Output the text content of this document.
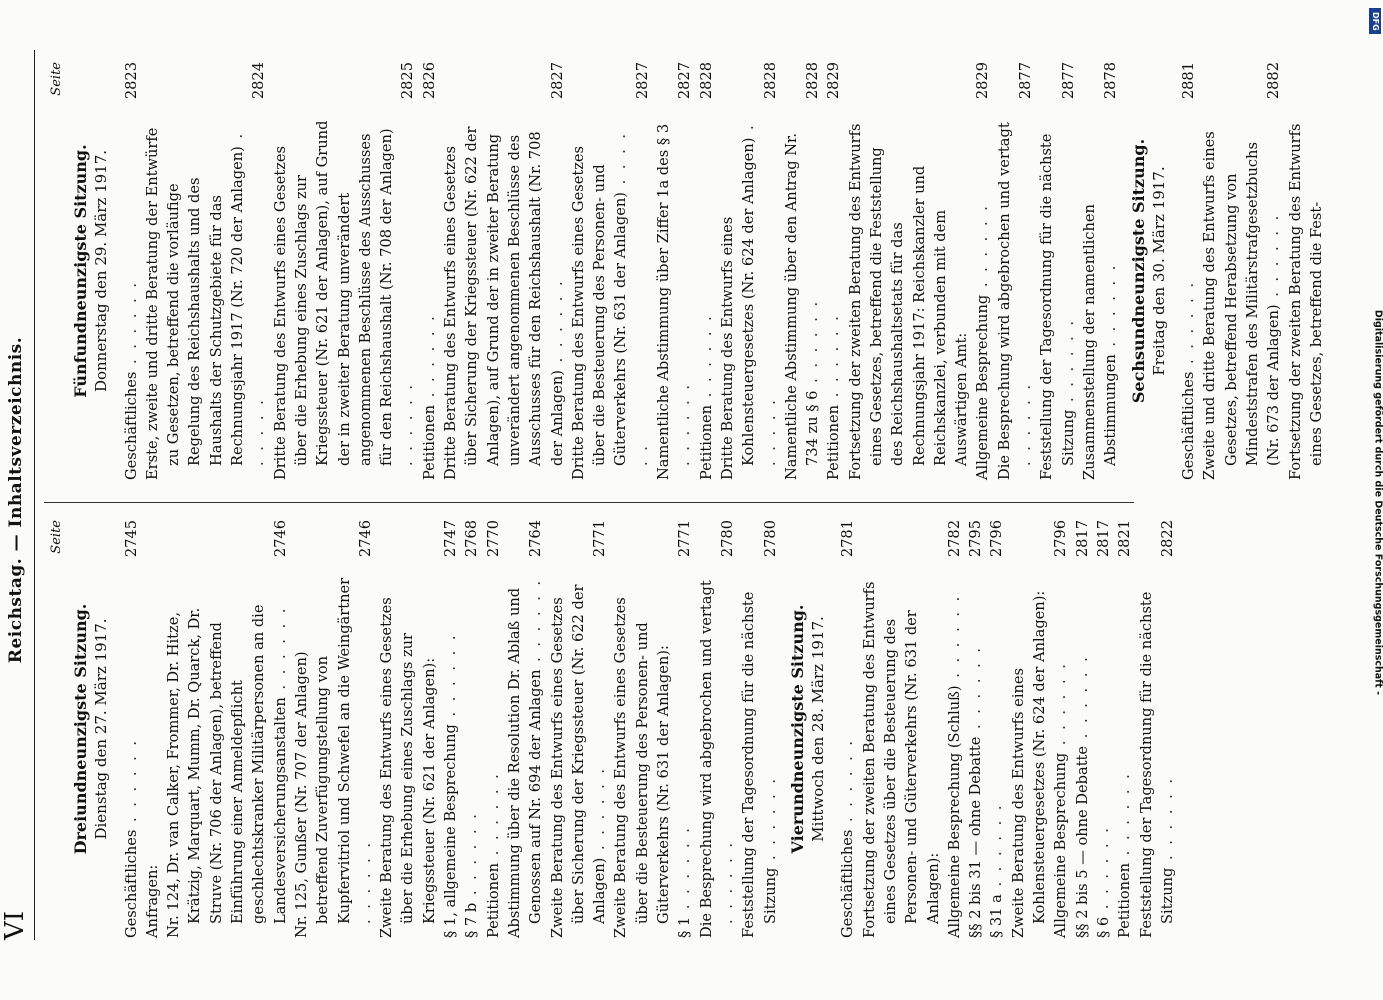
VI
Reichstag. — Inhaltsverzeichnis. Seite
Dreiundneunzigste Sitzung. Dienstag den 27. März 1917.
Geschäftliches . . . . . .
2745
Anfragen: Nr. 124, Dr. van Calker, Frommer, Dr. Hitze, Krätzig, Marquart, Mumm, Dr. Quarck, Dr. Struve (Nr. 706 der Anlagen), betreffend Einführung einer Anmeldepflicht geschlechtskranker Militärpersonen an die Landesversicherungsanstalten . . . . . .
2746
Nr. 125, Gunßer (Nr. 707 der Anlagen) betreffend Zuverfügungstellung von Kupfervitriol und Schwefel an die Weingärtner . . . . . .
2746
Zweite Beratung des Entwurfs eines Gesetzes über die Erhebung eines Zuschlags zur Kriegssteuer (Nr. 621 der Anlagen): § 1, allgemeine Besprechung . . . . . .
2747
§ 7 b . . . . . .
2768
Petitionen . . . . . .
2770
Abstimmung über die Resolution Dr. Ablaß und Genossen auf Nr. 694 der Anlagen . . . . . .
2764
Zweite Beratung des Entwurfs eines Gesetzes über Sicherung der Kriegssteuer (Nr. 622 der Anlagen) . . . . . .
2771
Zweite Beratung des Entwurfs eines Gesetzes über die Besteuerung des Personen- und Güterverkehrs (Nr. 631 der Anlagen):
§ 1 . . . . . .
2771
Die Besprechung wird abgebrochen und vertagt . . . . . .
2780
Feststellung der Tagesordnung für die nächste Sitzung . . . . . .
2780
Vierundneunzigste Sitzung. Mittwoch den 28. März 1917.
Geschäftliches . . . . . .
2781
Fortsetzung der zweiten Beratung des Entwurfs eines Gesetzes über die Besteuerung des Personen- und Güterverkehrs (Nr. 631 der Anlagen): Allgemeine Besprechung (Schluß) . . . . . .
2782
§§ 2 bis 31 — ohne Debatte . . . . . .
2795
§ 31 a . . . . . .
2796
Zweite Beratung des Entwurfs eines Kohlensteuergesetzes (Nr. 624 der Anlagen): Allgemeine Besprechung . . . . . .
2796
§§ 2 bis 5 — ohne Debatte . . . . . .
2817
§ 6 . . . . . .
2817
Petitionen . . . . . .
2821
Feststellung der Tagesordnung für die nächste Sitzung . . . . . .
2822
Seite
Fünfundneunzigste Sitzung. Donnerstag den 29. März 1917.
Geschäftliches . . . . . .
2823
Erste, zweite und dritte Beratung der Entwürfe zu Gesetzen, betreffend die vorläufige Regelung des Reichshaushalts und des Haushalts der Schutzgebiete für das Rechnungsjahr 1917 (Nr. 720 der Anlagen) . . . . . .
2824
Dritte Beratung des Entwurfs eines Gesetzes über die Erhebung eines Zuschlags zur Kriegssteuer (Nr. 621 der Anlagen), auf Grund der in zweiter Beratung unverändert angenommenen Beschlüsse des Ausschusses für den Reichshaushalt (Nr. 708 der Anlagen) . . . . . .
2825
Petitionen . . . . . .
2826
Dritte Beratung des Entwurfs eines Gesetzes über Sicherung der Kriegssteuer (Nr. 622 der Anlagen), auf Grund der in zweiter Beratung unverändert angenommenen Beschlüsse des Ausschusses für den Reichshaushalt (Nr. 708 der Anlagen) . . . . . .
2827
Dritte Beratung des Entwurfs eines Gesetzes über die Besteuerung des Personen- und Güterverkehrs (Nr. 631 der Anlagen) . . . . . .
2827
Namentliche Abstimmung über Ziffer 1a des § 3 . . . . . .
2827
Petitionen . . . . . .
2828
Dritte Beratung des Entwurfs eines Kohlensteuergesetzes (Nr. 624 der Anlagen) . . . . . .
2828
Namentliche Abstimmung über den Antrag Nr. 734 zu § 6 . . . . . .
2828
Petitionen . . . . . .
2829
Fortsetzung der zweiten Beratung des Entwurfs eines Gesetzes, betreffend die Feststellung des Reichshaushaltsetats für das Rechnungsjahr 1917: Reichskanzler und Reichskanzlei, verbunden mit dem Auswärtigen Amt: Allgemeine Besprechung . . . . . .
2829
Die Besprechung wird abgebrochen und vertagt . . . . . .
2877
Feststellung der Tagesordnung für die nächste Sitzung . . . . . .
2877
Zusammenstellung der namentlichen Abstimmungen . . . . . .
2878
Sechsundneunzigste Sitzung. Freitag den 30. März 1917.
Geschäftliches . . . . . .
2881
Zweite und dritte Beratung des Entwurfs eines Gesetzes, betreffend Herabsetzung von Mindeststrafen des Militärstrafgesetzbuchs (Nr. 673 der Anlagen) . . . . . .
2882
Fortsetzung der zweiten Beratung des Entwurfs eines Gesetzes, betreffend die Fest-	Digitalisierung gefördert durch die Deutsche Forschungsgemeinschaft -
DFG
